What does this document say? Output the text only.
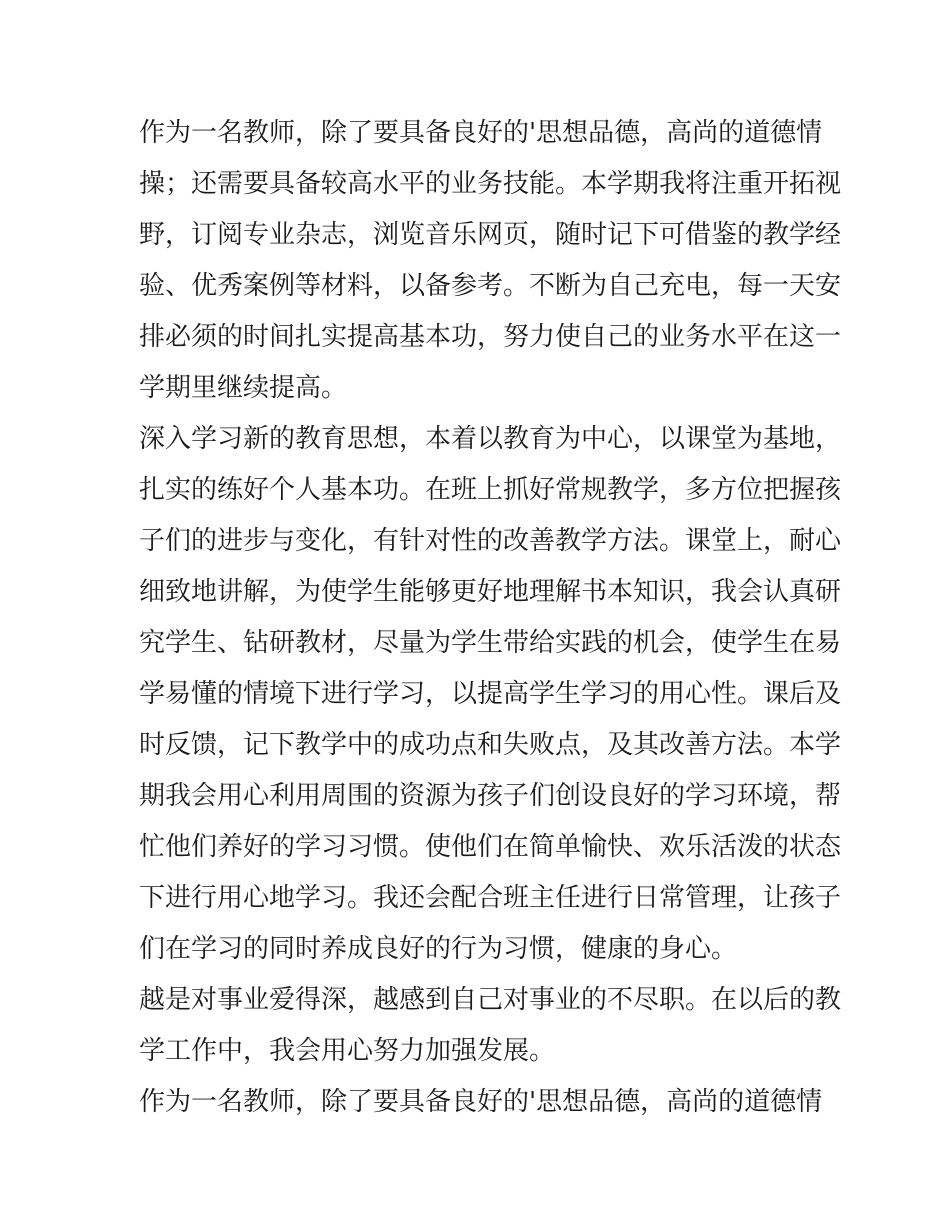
作为一名教师，除了要具备良好的'思想品德，高尚的道德情
操；还需要具备较高水平的业务技能。本学期我将注重开拓视
野，订阅专业杂志，浏览音乐网页，随时记下可借鉴的教学经
验、优秀案例等材料，以备参考。不断为自己充电，每一天安
排必须的时间扎实提高基本功，努力使自己的业务水平在这一
学期里继续提高。
深入学习新的教育思想，本着以教育为中心，以课堂为基地，
扎实的练好个人基本功。在班上抓好常规教学，多方位把握孩
子们的进步与变化，有针对性的改善教学方法。课堂上，耐心
细致地讲解，为使学生能够更好地理解书本知识，我会认真研
究学生、钻研教材，尽量为学生带给实践的机会，使学生在易
学易懂的情境下进行学习，以提高学生学习的用心性。课后及
时反馈，记下教学中的成功点和失败点，及其改善方法。本学
期我会用心利用周围的资源为孩子们创设良好的学习环境，帮
忙他们养好的学习习惯。使他们在简单愉快、欢乐活泼的状态
下进行用心地学习。我还会配合班主任进行日常管理，让孩子
们在学习的同时养成良好的行为习惯，健康的身心。
越是对事业爱得深，越感到自己对事业的不尽职。在以后的教
学工作中，我会用心努力加强发展。
作为一名教师，除了要具备良好的'思想品德，高尚的道德情
